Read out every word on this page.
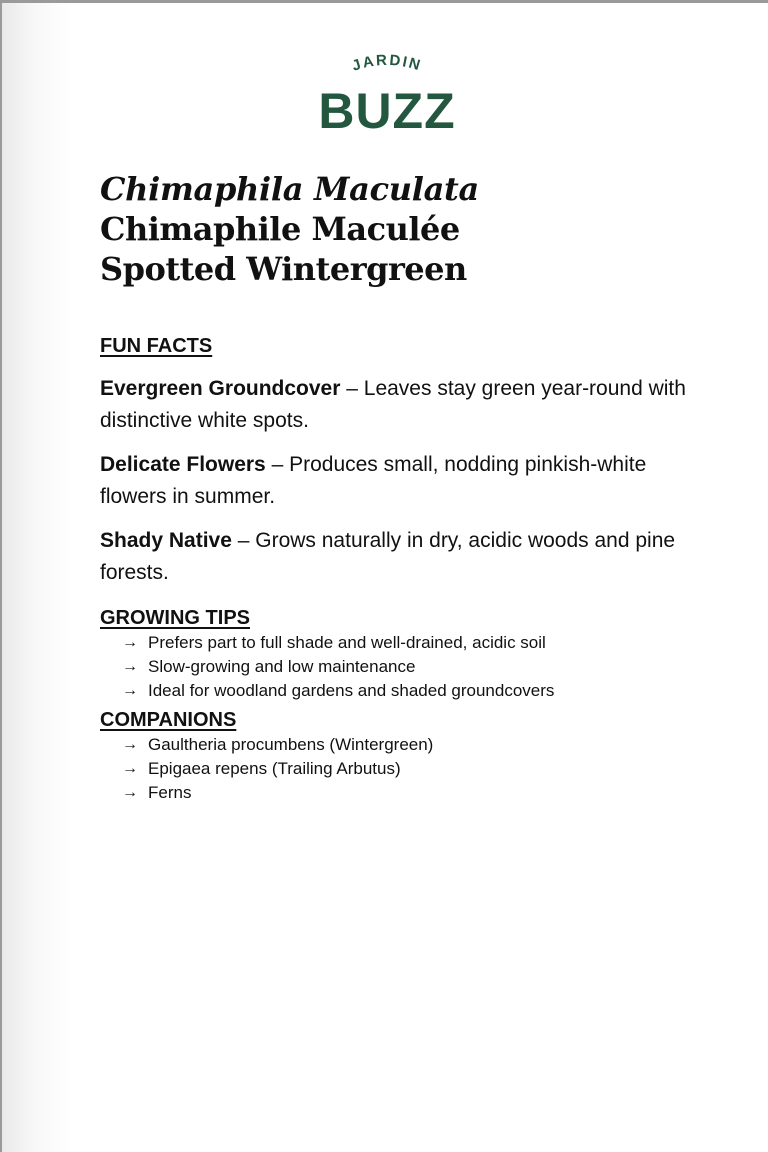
JARDIN
BUZZ
Chimaphila Maculata
Chimaphile Maculée
Spotted Wintergreen
FUN FACTS

Evergreen Groundcover – Leaves stay green year-round with distinctive white spots.

Delicate Flowers – Produces small, nodding pinkish-white flowers in summer.

Shady Native – Grows naturally in dry, acidic woods and pine forests.

GROWING TIPS
→ Prefers part to full shade and well-drained, acidic soil
→ Slow-growing and low maintenance
→ Ideal for woodland gardens and shaded groundcovers
COMPANIONS
→ Gaultheria procumbens (Wintergreen)
→ Epigaea repens (Trailing Arbutus)
→ Ferns
